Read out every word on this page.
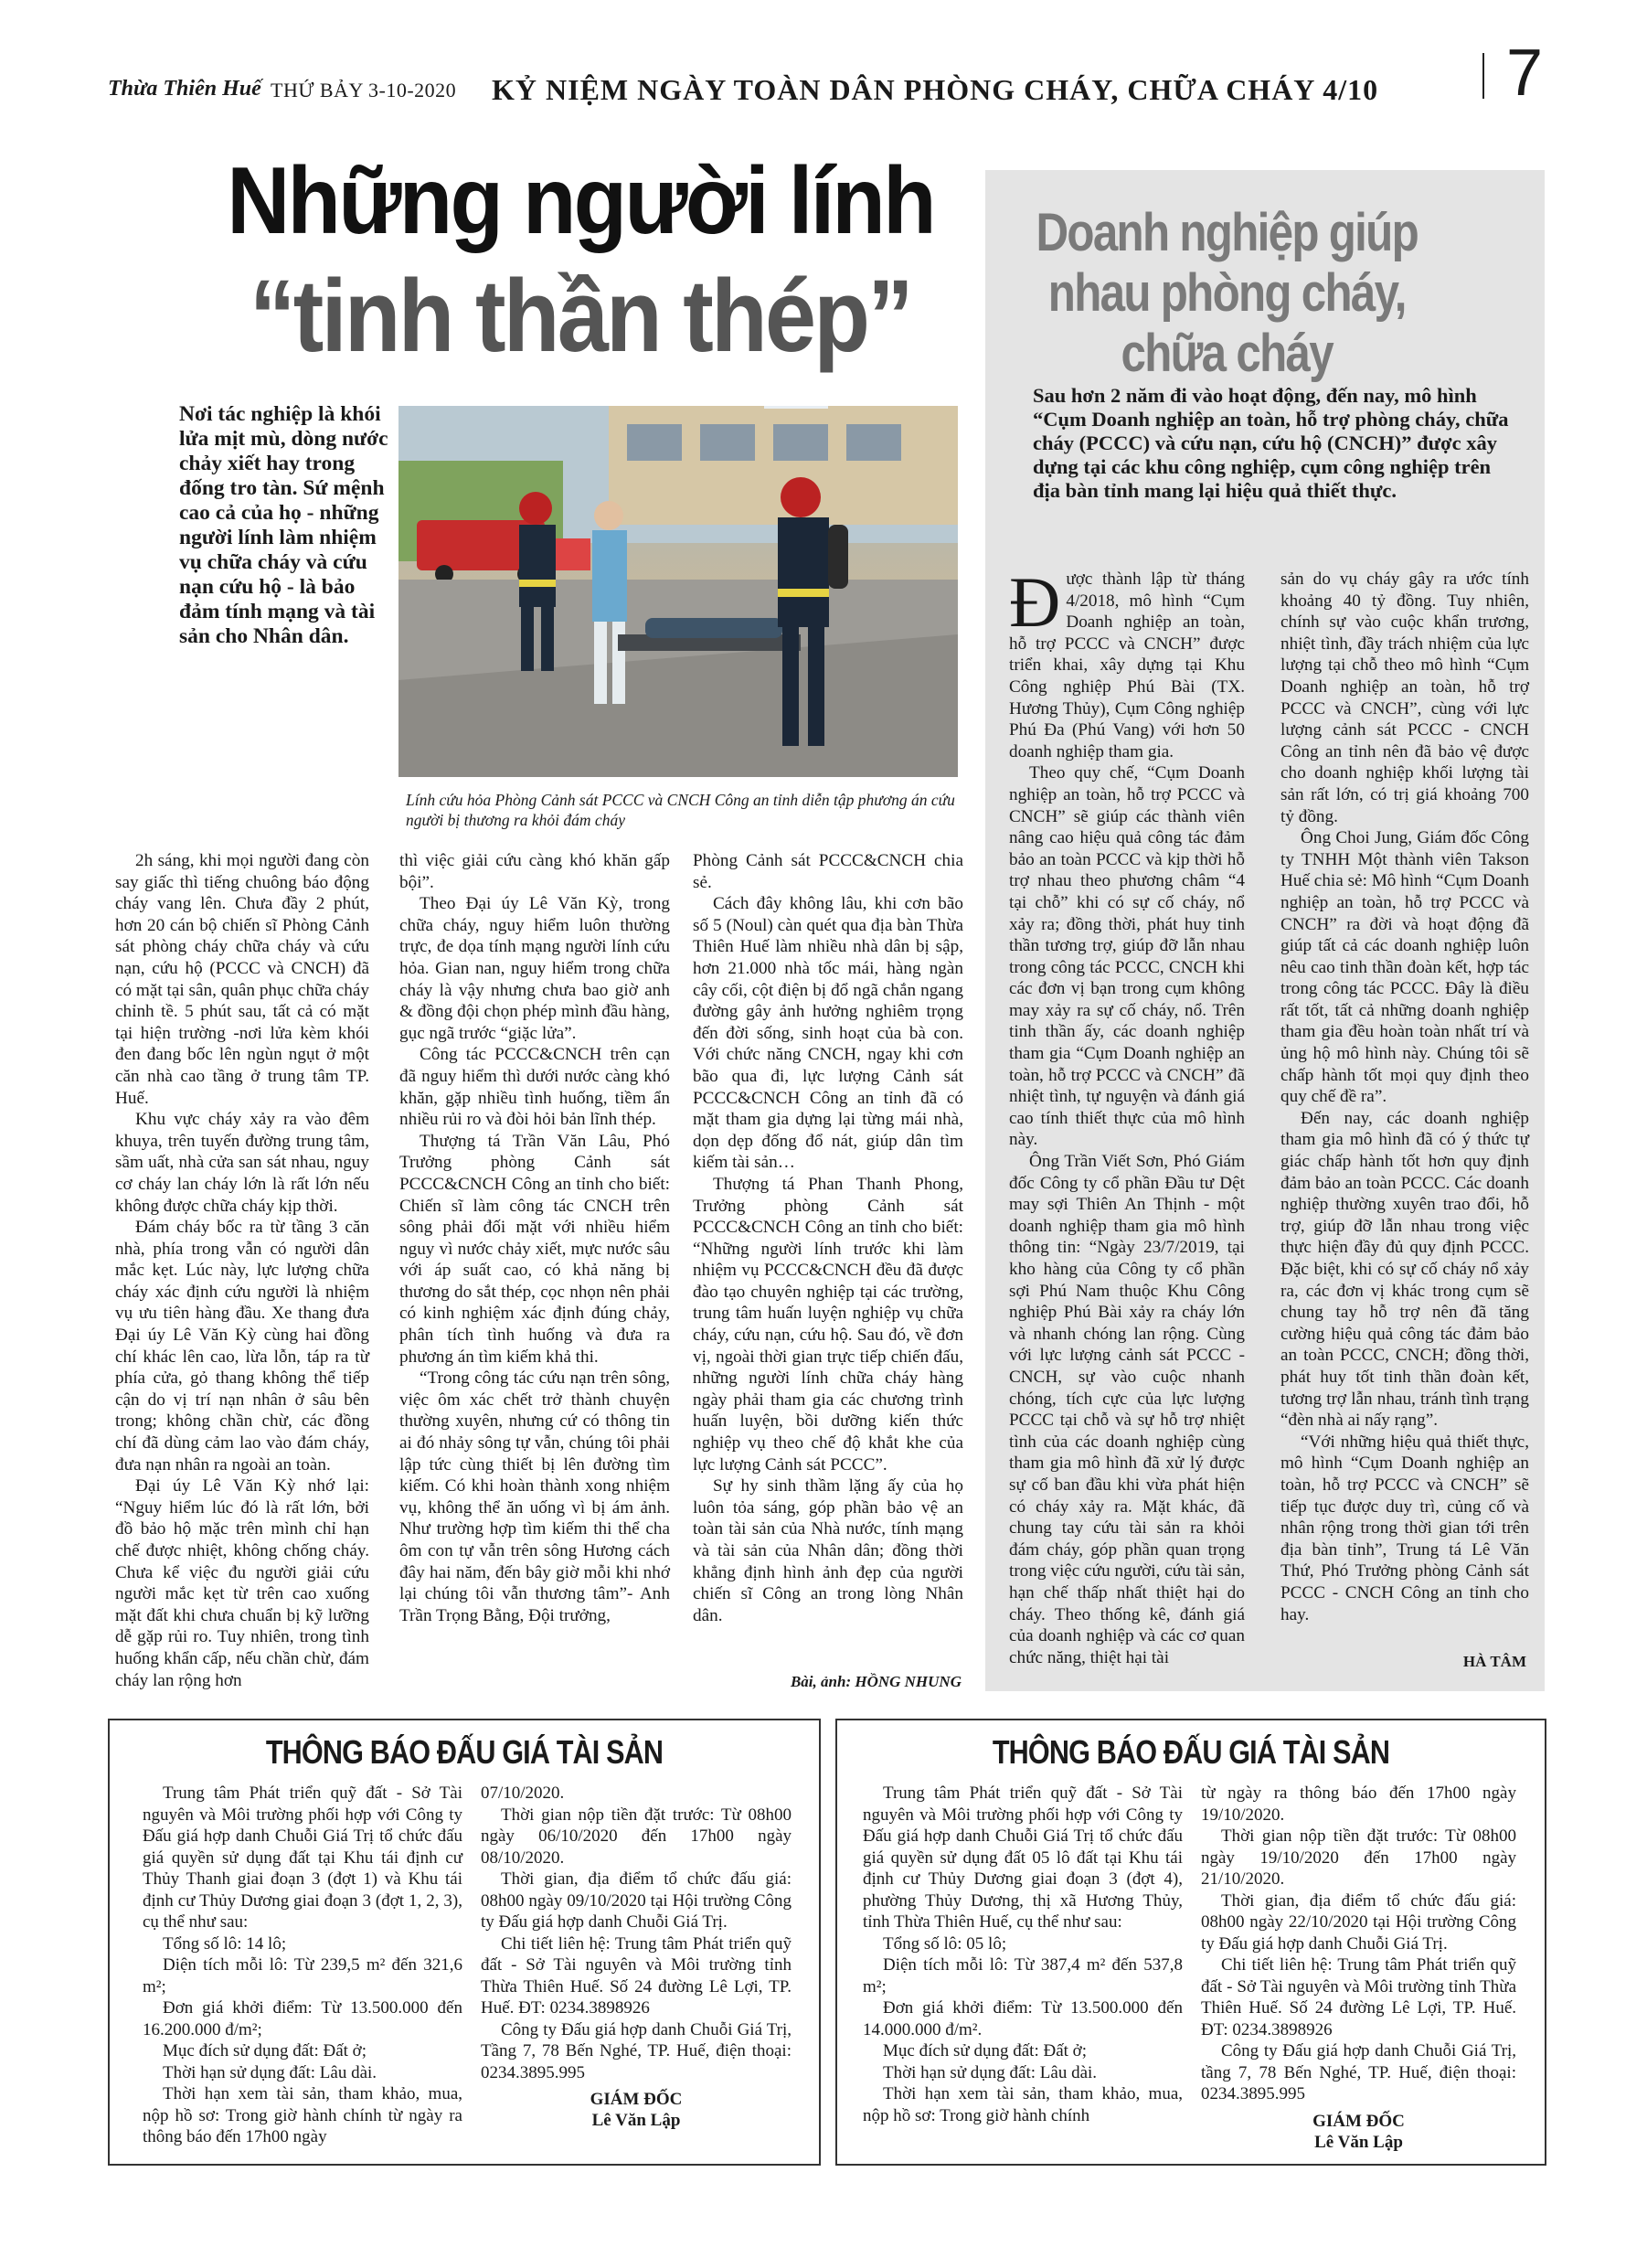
Thừa Thiên Huế THỨ BẢY 3-10-2020 KỶ NIỆM NGÀY TOÀN DÂN PHÒNG CHÁY, CHỮA CHÁY 4/10 7
Những người lính
“tinh thần thép”
Nơi tác nghiệp là khói lửa mịt mù, dòng nước chảy xiết hay trong đống tro tàn. Sứ mệnh cao cả của họ - những người lính làm nhiệm vụ chữa cháy và cứu nạn cứu hộ - là bảo đảm tính mạng và tài sản cho Nhân dân.
Lính cứu hỏa Phòng Cảnh sát PCCC và CNCH Công an tỉnh diễn tập phương án cứu người bị thương ra khỏi đám cháy

2h sáng, khi mọi người đang còn say giấc thì tiếng chuông báo động cháy vang lên. Chưa đầy 2 phút, hơn 20 cán bộ chiến sĩ Phòng Cảnh sát phòng cháy chữa cháy và cứu nạn, cứu hộ (PCCC và CNCH) đã có mặt tại sân, quân phục chữa cháy chỉnh tề. 5 phút sau, tất cả có mặt tại hiện trường -nơi lửa kèm khói đen đang bốc lên ngùn ngụt ở một căn nhà cao tầng ở trung tâm TP. Huế.

Khu vực cháy xảy ra vào đêm khuya, trên tuyến đường trung tâm, sầm uất, nhà cửa san sát nhau, nguy cơ cháy lan cháy lớn là rất lớn nếu không được chữa cháy kịp thời.

Đám cháy bốc ra từ tầng 3 căn nhà, phía trong vẫn có người dân mắc kẹt. Lúc này, lực lượng chữa cháy xác định cứu người là nhiệm vụ ưu tiên hàng đầu. Xe thang đưa Đại úy Lê Văn Kỳ cùng hai đồng chí khác lên cao, lừa lỗn, táp ra từ phía cửa, gỏ thang không thể tiếp cận do vị trí nạn nhân ở sâu bên trong; không chần chừ, các đồng chí đã dùng cảm lao vào đám cháy, đưa nạn nhân ra ngoài an toàn.

Đại úy Lê Văn Kỳ nhớ lại: “Nguy hiểm lúc đó là rất lớn, bởi đồ bảo hộ mặc trên mình chỉ hạn chế được nhiệt, không chống cháy. Chưa kể việc đu người giải cứu người mắc kẹt từ trên cao xuống mặt đất khi chưa chuẩn bị kỹ lưỡng dễ gặp rủi ro. Tuy nhiên, trong tình huống khẩn cấp, nếu chần chừ, đám cháy lan rộng hơn

thì việc giải cứu càng khó khăn gấp bội”.

Theo Đại úy Lê Văn Kỳ, trong chữa cháy, nguy hiểm luôn thường trực, đe dọa tính mạng người lính cứu hỏa. Gian nan, nguy hiểm trong chữa cháy là vậy nhưng chưa bao giờ anh & đồng đội chọn phép mình đầu hàng, gục ngã trước “giặc lửa”.

Công tác PCCC&CNCH trên cạn đã nguy hiểm thì dưới nước càng khó khăn, gặp nhiều tình huống, tiềm ẩn nhiều rủi ro và đòi hỏi bản lĩnh thép.

Thượng tá Trần Văn Lâu, Phó Trưởng phòng Cảnh sát PCCC&CNCH Công an tỉnh cho biết: Chiến sĩ làm công tác CNCH trên sông phải đối mặt với nhiều hiểm nguy vì nước chảy xiết, mực nước sâu với áp suất cao, có khả năng bị thương do sắt thép, cọc nhọn nên phải có kinh nghiệm xác định đúng chảy, phân tích tình huống và đưa ra phương án tìm kiếm khả thi.

“Trong công tác cứu nạn trên sông, việc ôm xác chết trở thành chuyện thường xuyên, nhưng cứ có thông tin ai đó nhảy sông tự vẫn, chúng tôi phải lập tức cùng thiết bị lên đường tìm kiếm. Có khi hoàn thành xong nhiệm vụ, không thể ăn uống vì bị ám ảnh. Như trường hợp tìm kiếm thi thể cha ôm con tự vẫn trên sông Hương cách đây hai năm, đến bây giờ mỗi khi nhớ lại chúng tôi vẫn thương tâm”- Anh Trần Trọng Bằng, Đội trưởng,

Phòng Cảnh sát PCCC&CNCH chia sẻ.

Cách đây không lâu, khi cơn bão số 5 (Noul) càn quét qua địa bàn Thừa Thiên Huế làm nhiều nhà dân bị sập, hơn 21.000 nhà tốc mái, hàng ngàn cây cối, cột điện bị đổ ngã chắn ngang đường gây ảnh hưởng nghiêm trọng đến đời sống, sinh hoạt của bà con. Với chức năng CNCH, ngay khi cơn bão qua đi, lực lượng Cảnh sát PCCC&CNCH Công an tỉnh đã có mặt tham gia dựng lại từng mái nhà, dọn dẹp đống đổ nát, giúp dân tìm kiếm tài sản…

Thượng tá Phan Thanh Phong, Trưởng phòng Cảnh sát PCCC&CNCH Công an tỉnh cho biết: “Những người lính trước khi làm nhiệm vụ PCCC&CNCH đều đã được đào tạo chuyên nghiệp tại các trường, trung tâm huấn luyện nghiệp vụ chữa cháy, cứu nạn, cứu hộ. Sau đó, về đơn vị, ngoài thời gian trực tiếp chiến đấu, những người lính chữa cháy hàng ngày phải tham gia các chương trình huấn luyện, bồi dưỡng kiến thức nghiệp vụ theo chế độ khắt khe của lực lượng Cảnh sát PCCC”.

Sự hy sinh thầm lặng ấy của họ luôn tỏa sáng, góp phần bảo vệ an toàn tài sản của Nhà nước, tính mạng và tài sản của Nhân dân; đồng thời khẳng định hình ảnh đẹp của người chiến sĩ Công an trong lòng Nhân dân.

Bài, ảnh: HỒNG NHUNG
Doanh nghiệp giúp nhau phòng cháy, chữa cháy
Sau hơn 2 năm đi vào hoạt động, đến nay, mô hình “Cụm Doanh nghiệp an toàn, hỗ trợ phòng cháy, chữa cháy (PCCC) và cứu nạn, cứu hộ (CNCH)” được xây dựng tại các khu công nghiệp, cụm công nghiệp trên địa bàn tỉnh mang lại hiệu quả thiết thực.

Được thành lập từ tháng 4/2018, mô hình “Cụm Doanh nghiệp an toàn, hỗ trợ PCCC và CNCH” được triển khai, xây dựng tại Khu Công nghiệp Phú Bài (TX. Hương Thủy), Cụm Công nghiệp Phú Đa (Phú Vang) với hơn 50 doanh nghiệp tham gia.

Theo quy chế, “Cụm Doanh nghiệp an toàn, hỗ trợ PCCC và CNCH” sẽ giúp các thành viên nâng cao hiệu quả công tác đảm bảo an toàn PCCC và kịp thời hỗ trợ nhau theo phương châm “4 tại chỗ” khi có sự cố cháy, nổ xảy ra; đồng thời, phát huy tinh thần tương trợ, giúp đỡ lẫn nhau trong công tác PCCC, CNCH khi các đơn vị bạn trong cụm không may xảy ra sự cố cháy, nổ. Trên tinh thần ấy, các doanh nghiệp tham gia “Cụm Doanh nghiệp an toàn, hỗ trợ PCCC và CNCH” đã nhiệt tình, tự nguyện và đánh giá cao tính thiết thực của mô hình này.

Ông Trần Viết Sơn, Phó Giám đốc Công ty cổ phần Đầu tư Dệt may sợi Thiên An Thịnh - một doanh nghiệp tham gia mô hình thông tin: “Ngày 23/7/2019, tại kho hàng của Công ty cổ phần sợi Phú Nam thuộc Khu Công nghiệp Phú Bài xảy ra cháy lớn và nhanh chóng lan rộng. Cùng với lực lượng cảnh sát PCCC - CNCH, sự vào cuộc nhanh chóng, tích cực của lực lượng PCCC tại chỗ và sự hỗ trợ nhiệt tình của các doanh nghiệp cùng tham gia mô hình đã xử lý được sự cố ban đầu khi vừa phát hiện có cháy xảy ra. Mặt khác, đã chung tay cứu tài sản ra khỏi đám cháy, góp phần quan trọng trong việc cứu người, cứu tài sản, hạn chế thấp nhất thiệt hại do cháy. Theo thống kê, đánh giá của doanh nghiệp và các cơ quan chức năng, thiệt hại tài

sản do vụ cháy gây ra ước tính khoảng 40 tỷ đồng. Tuy nhiên, chính sự vào cuộc khẩn trương, nhiệt tình, đầy trách nhiệm của lực lượng tại chỗ theo mô hình “Cụm Doanh nghiệp an toàn, hỗ trợ PCCC và CNCH”, cùng với lực lượng cảnh sát PCCC - CNCH Công an tỉnh nên đã bảo vệ được cho doanh nghiệp khối lượng tài sản rất lớn, có trị giá khoảng 700 tỷ đồng.

Ông Choi Jung, Giám đốc Công ty TNHH Một thành viên Takson Huế chia sẻ: Mô hình “Cụm Doanh nghiệp an toàn, hỗ trợ PCCC và CNCH” ra đời và hoạt động đã giúp tất cả các doanh nghiệp luôn nêu cao tinh thần đoàn kết, hợp tác trong công tác PCCC. Đây là điều rất tốt, tất cả những doanh nghiệp tham gia đều hoàn toàn nhất trí và ủng hộ mô hình này. Chúng tôi sẽ chấp hành tốt mọi quy định theo quy chế đề ra”.

Đến nay, các doanh nghiệp tham gia mô hình đã có ý thức tự giác chấp hành tốt hơn quy định đảm bảo an toàn PCCC. Các doanh nghiệp thường xuyên trao đổi, hỗ trợ, giúp đỡ lẫn nhau trong việc thực hiện đầy đủ quy định PCCC. Đặc biệt, khi có sự cố cháy nổ xảy ra, các đơn vị khác trong cụm sẽ chung tay hỗ trợ nên đã tăng cường hiệu quả công tác đảm bảo an toàn PCCC, CNCH; đồng thời, phát huy tốt tinh thần đoàn kết, tương trợ lẫn nhau, tránh tình trạng “đèn nhà ai nấy rạng”.

“Với những hiệu quả thiết thực, mô hình “Cụm Doanh nghiệp an toàn, hỗ trợ PCCC và CNCH” sẽ tiếp tục được duy trì, củng cố và nhân rộng trong thời gian tới trên địa bàn tỉnh”, Trung tá Lê Văn Thứ, Phó Trưởng phòng Cảnh sát PCCC - CNCH Công an tỉnh cho hay.

HÀ TÂM
THÔNG BÁO ĐẤU GIÁ TÀI SẢN

Trung tâm Phát triển quỹ đất - Sở Tài nguyên và Môi trường phối hợp với Công ty Đấu giá hợp danh Chuỗi Giá Trị tổ chức đấu giá quyền sử dụng đất tại Khu tái định cư Thủy Thanh giai đoạn 3 (đợt 1) và Khu tái định cư Thủy Dương giai đoạn 3 (đợt 1, 2, 3), cụ thể như sau:

Tổng số lô: 14 lô;

Diện tích mỗi lô: Từ 239,5 m² đến 321,6 m²;

Đơn giá khởi điểm: Từ 13.500.000 đến 16.200.000 đ/m²;

Mục đích sử dụng đất: Đất ở;

Thời hạn sử dụng đất: Lâu dài.

Thời hạn xem tài sản, tham khảo, mua, nộp hồ sơ: Trong giờ hành chính từ ngày ra thông báo đến 17h00 ngày

07/10/2020.

Thời gian nộp tiền đặt trước: Từ 08h00 ngày 06/10/2020 đến 17h00 ngày 08/10/2020.

Thời gian, địa điểm tổ chức đấu giá: 08h00 ngày 09/10/2020 tại Hội trường Công ty Đấu giá hợp danh Chuỗi Giá Trị.

Chi tiết liên hệ: Trung tâm Phát triển quỹ đất - Sở Tài nguyên và Môi trường tỉnh Thừa Thiên Huế. Số 24 đường Lê Lợi, TP. Huế. ĐT: 0234.3898926

Công ty Đấu giá hợp danh Chuỗi Giá Trị, Tầng 7, 78 Bến Nghé, TP. Huế, điện thoại: 0234.3895.995

GIÁM ĐỐC
Lê Văn Lập
THÔNG BÁO ĐẤU GIÁ TÀI SẢN

Trung tâm Phát triển quỹ đất - Sở Tài nguyên và Môi trường phối hợp với Công ty Đấu giá hợp danh Chuỗi Giá Trị tổ chức đấu giá quyền sử dụng đất 05 lô đất tại Khu tái định cư Thủy Dương giai đoạn 3 (đợt 4), phường Thủy Dương, thị xã Hương Thủy, tỉnh Thừa Thiên Huế, cụ thể như sau:

Tổng số lô: 05 lô;

Diện tích mỗi lô: Từ 387,4 m² đến 537,8 m²;

Đơn giá khởi điểm: Từ 13.500.000 đến 14.000.000 đ/m².

Mục đích sử dụng đất: Đất ở;

Thời hạn sử dụng đất: Lâu dài.

Thời hạn xem tài sản, tham khảo, mua, nộp hồ sơ: Trong giờ hành chính

từ ngày ra thông báo đến 17h00 ngày 19/10/2020.

Thời gian nộp tiền đặt trước: Từ 08h00 ngày 19/10/2020 đến 17h00 ngày 21/10/2020.

Thời gian, địa điểm tổ chức đấu giá: 08h00 ngày 22/10/2020 tại Hội trường Công ty Đấu giá hợp danh Chuỗi Giá Trị.

Chi tiết liên hệ: Trung tâm Phát triển quỹ đất - Sở Tài nguyên và Môi trường tỉnh Thừa Thiên Huế. Số 24 đường Lê Lợi, TP. Huế. ĐT: 0234.3898926

Công ty Đấu giá hợp danh Chuỗi Giá Trị, tầng 7, 78 Bến Nghé, TP. Huế, điện thoại: 0234.3895.995

GIÁM ĐỐC
Lê Văn Lập
